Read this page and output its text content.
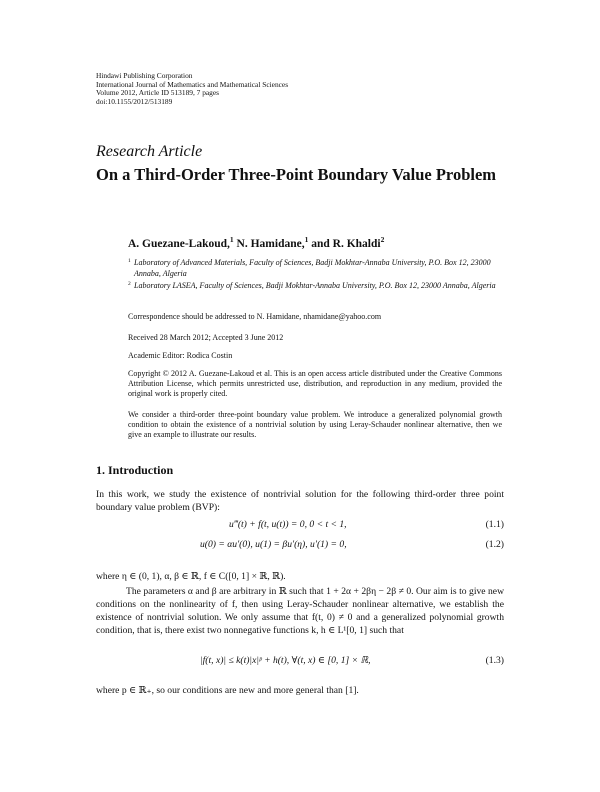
Hindawi Publishing Corporation
International Journal of Mathematics and Mathematical Sciences
Volume 2012, Article ID 513189, 7 pages
doi:10.1155/2012/513189
Research Article
On a Third-Order Three-Point Boundary Value Problem
A. Guezane-Lakoud,$^1$ N. Hamidane,$^1$ and R. Khaldi$^2$
1 Laboratory of Advanced Materials, Faculty of Sciences, Badji Mokhtar-Annaba University, P.O. Box 12, 23000 Annaba, Algeria
2 Laboratory LASEA, Faculty of Sciences, Badji Mokhtar-Annaba University, P.O. Box 12, 23000 Annaba, Algeria
Correspondence should be addressed to N. Hamidane, nhamidane@yahoo.com
Received 28 March 2012; Accepted 3 June 2012
Academic Editor: Rodica Costin
Copyright © 2012 A. Guezane-Lakoud et al. This is an open access article distributed under the Creative Commons Attribution License, which permits unrestricted use, distribution, and reproduction in any medium, provided the original work is properly cited.
We consider a third-order three-point boundary value problem. We introduce a generalized polynomial growth condition to obtain the existence of a nontrivial solution by using Leray-Schauder nonlinear alternative, then we give an example to illustrate our results.
1. Introduction
In this work, we study the existence of nontrivial solution for the following third-order three point boundary value problem (BVP):
u‴(t) + f(t, u(t)) = 0, 0 < t < 1,	(1.1)
u(0) = αu′(0), u(1) = βu′(η), u′(1) = 0,	(1.2)
where η ∈ (0, 1), α, β ∈ ℝ, f ∈ C([0, 1] × ℝ, ℝ).
The parameters α and β are arbitrary in ℝ such that 1 + 2α + 2βη − 2β ≠ 0. Our aim is to give new conditions on the nonlinearity of f, then using Leray-Schauder nonlinear alternative, we establish the existence of nontrivial solution. We only assume that f(t, 0) ≠ 0 and a generalized polynomial growth condition, that is, there exist two nonnegative functions k, h ∈ L¹[0, 1] such that
|f(t, x)| ≤ k(t)|x|ᵖ + h(t), ∀(t, x) ∈ [0, 1] × ℝ,	(1.3)
where p ∈ ℝ₊, so our conditions are new and more general than [1].
